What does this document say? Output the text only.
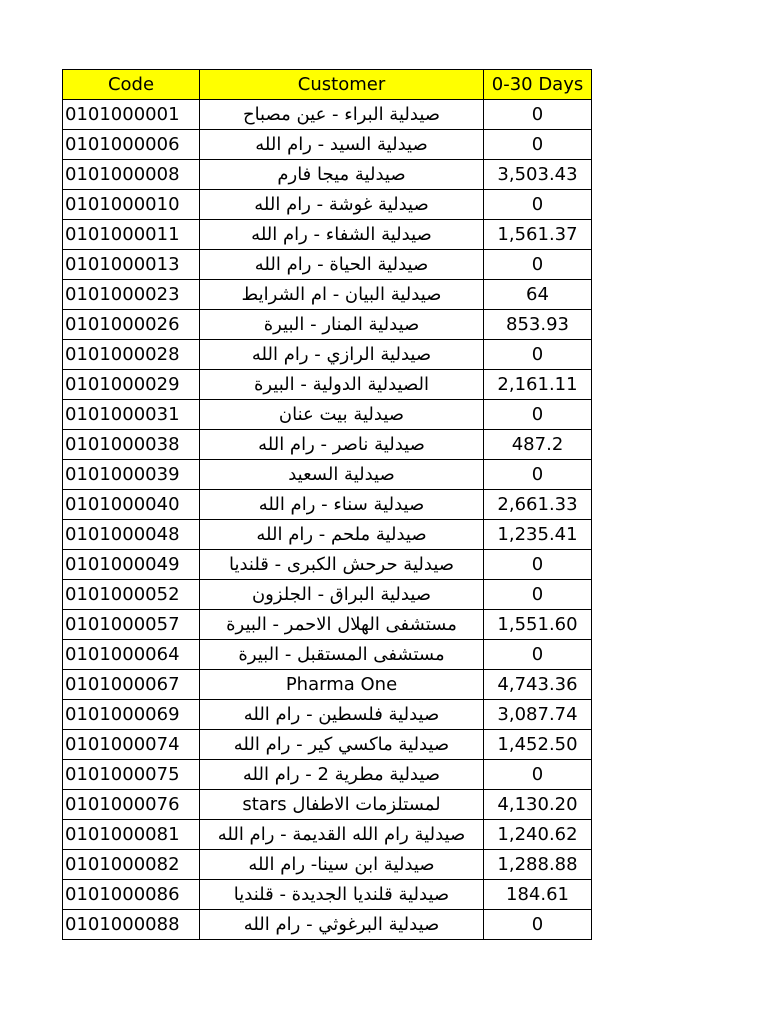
Code	Customer	0-30 Days
0101000001	صيدلية البراء - عين مصباح	0
0101000006	صيدلية السيد - رام الله	0
0101000008	صيدلية ميجا فارم	3,503.43
0101000010	صيدلية غوشة - رام الله	0
0101000011	صيدلية الشفاء - رام الله	1,561.37
0101000013	صيدلية الحياة - رام الله	0
0101000023	صيدلية البيان - ام الشرايط	64
0101000026	صيدلية المنار - البيرة	853.93
0101000028	صيدلية الرازي - رام الله	0
0101000029	الصيدلية الدولية - البيرة	2,161.11
0101000031	صيدلية بيت عنان	0
0101000038	صيدلية ناصر - رام الله	487.2
0101000039	صيدلية السعيد	0
0101000040	صيدلية سناء - رام الله	2,661.33
0101000048	صيدلية ملحم - رام الله	1,235.41
0101000049	صيدلية حرحش الكبرى - قلنديا	0
0101000052	صيدلية البراق - الجلزون	0
0101000057	مستشفى الهلال الاحمر - البيرة	1,551.60
0101000064	مستشفى المستقبل - البيرة	0
0101000067	Pharma One	4,743.36
0101000069	صيدلية فلسطين - رام الله	3,087.74
0101000074	صيدلية ماكسي كير - رام الله	1,452.50
0101000075	صيدلية مطرية 2 - رام الله	0
0101000076	لمستلزمات الاطفال stars	4,130.20
0101000081	صيدلية رام الله القديمة - رام الله	1,240.62
0101000082	صيدلية ابن سينا- رام الله	1,288.88
0101000086	صيدلية قلنديا الجديدة - قلنديا	184.61
0101000088	صيدلية البرغوثي - رام الله	0
